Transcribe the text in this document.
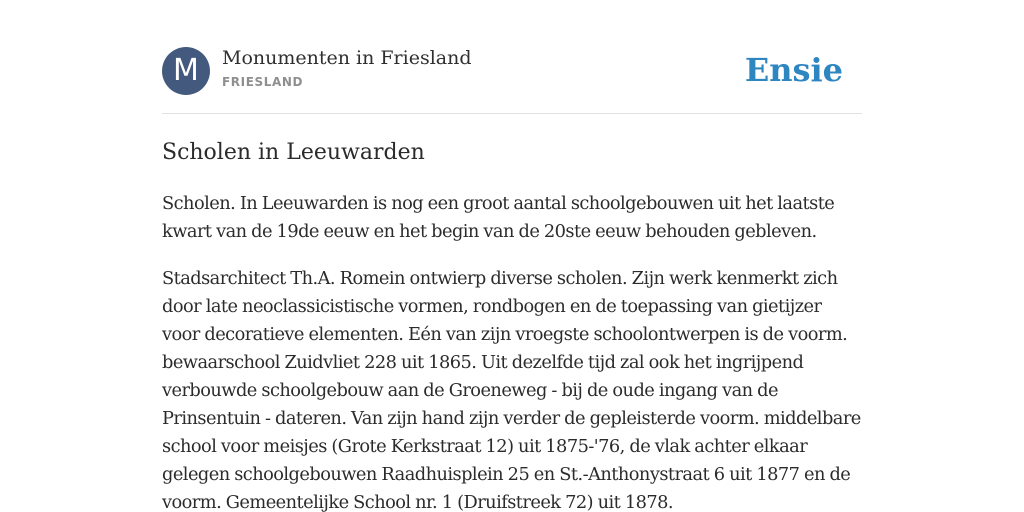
M	Monumenten in Friesland
FRIESLAND	Ensie
Scholen in Leeuwarden

Scholen. In Leeuwarden is nog een groot aantal schoolgebouwen uit het laatste kwart van de 19de eeuw en het begin van de 20ste eeuw behouden gebleven.

Stadsarchitect Th.A. Romein ontwierp diverse scholen. Zijn werk kenmerkt zich door late neoclassicistische vormen, rondbogen en de toepassing van gietijzer voor decoratieve elementen. Eén van zijn vroegste schoolontwerpen is de voorm. bewaarschool Zuidvliet 228 uit 1865. Uit dezelfde tijd zal ook het ingrijpend verbouwde schoolgebouw aan de Groeneweg - bij de oude ingang van de Prinsentuin - dateren. Van zijn hand zijn verder de gepleisterde voorm. middelbare school voor meisjes (Grote Kerkstraat 12) uit 1875-'76, de vlak achter elkaar gelegen schoolgebouwen Raadhuisplein 25 en St.-Anthonystraat 6 uit 1877 en de voorm. Gemeentelijke School nr. 1 (Druifstreek 72) uit 1878.
